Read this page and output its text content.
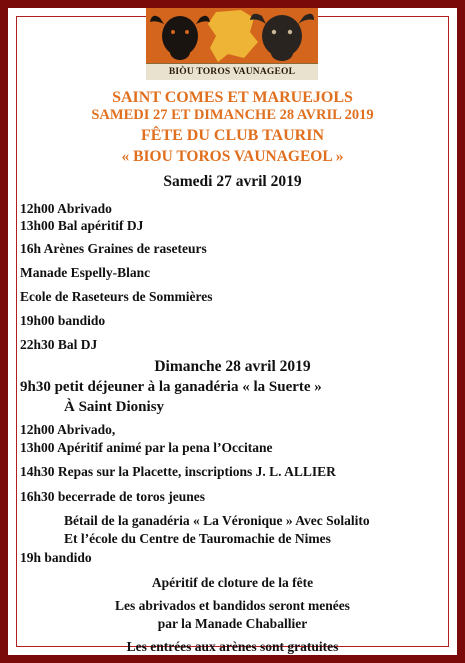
BIÒU TOROS VAUNAGEOL
SAINT COMES ET MARUEJOLS
SAMEDI 27 ET DIMANCHE 28 AVRIL 2019
FÊTE DU CLUB TAURIN
« BIOU TOROS VAUNAGEOL »
Samedi 27 avril 2019
12h00 Abrivado
13h00 Bal apéritif DJ
16h Arènes Graines de raseteurs
Manade Espelly-Blanc
Ecole de Raseteurs de Sommières
19h00 bandido
22h30 Bal DJ
Dimanche 28 avril 2019
9h30 petit déjeuner à la ganadéria « la Suerte »
À Saint Dionisy
12h00 Abrivado,
13h00 Apéritif animé par la pena l’Occitane
14h30 Repas sur la Placette, inscriptions J. L. ALLIER
16h30 becerrade de toros jeunes
Bétail de la ganadéria « La Véronique » Avec Solalito
Et l’école du Centre de Tauromachie de Nimes
19h bandido
Apéritif de cloture de la fête
Les abrivados et bandidos seront menées
par la Manade Chaballier
Les entrées aux arènes sont gratuites
